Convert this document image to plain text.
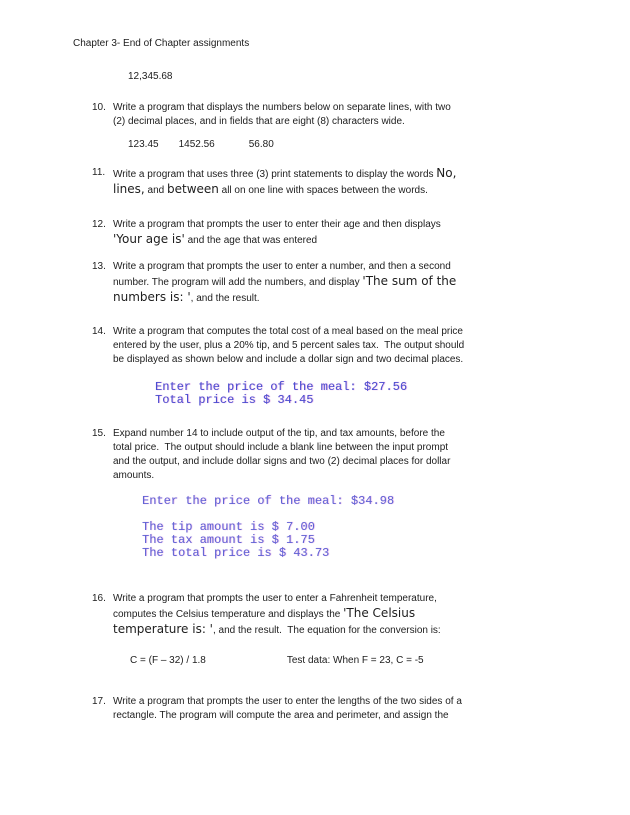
Chapter 3- End of Chapter assignments
12,345.68
10. Write a program that displays the numbers below on separate lines, with two
(2) decimal places, and in fields that are eight (8) characters wide.
123.45 1452.56	56.80
11. Write a program that uses three (3) print statements to display the words No,
lines, and between all on one line with spaces between the words.
12. Write a program that prompts the user to enter their age and then displays
'Your age is' and the age that was entered
13. Write a program that prompts the user to enter a number, and then a second
number. The program will add the numbers, and display 'The sum of the
numbers is: ', and the result.
14. Write a program that computes the total cost of a meal based on the meal price
entered by the user, plus a 20% tip, and 5 percent sales tax.  The output should
be displayed as shown below and include a dollar sign and two decimal places.
Enter the price of the meal: $27.56
Total price is $ 34.45
15. Expand number 14 to include output of the tip, and tax amounts, before the
total price.  The output should include a blank line between the input prompt
and the output, and include dollar signs and two (2) decimal places for dollar
amounts.
Enter the price of the meal: $34.98
The tip amount is $ 7.00
The tax amount is $ 1.75
The total price is $ 43.73
16. Write a program that prompts the user to enter a Fahrenheit temperature,
computes the Celsius temperature and displays the 'The Celsius
temperature is: ', and the result.  The equation for the conversion is:
C = (F – 32) / 1.8	Test data: When F = 23, C = -5
17. Write a program that prompts the user to enter the lengths of the two sides of a
rectangle. The program will compute the area and perimeter, and assign the
